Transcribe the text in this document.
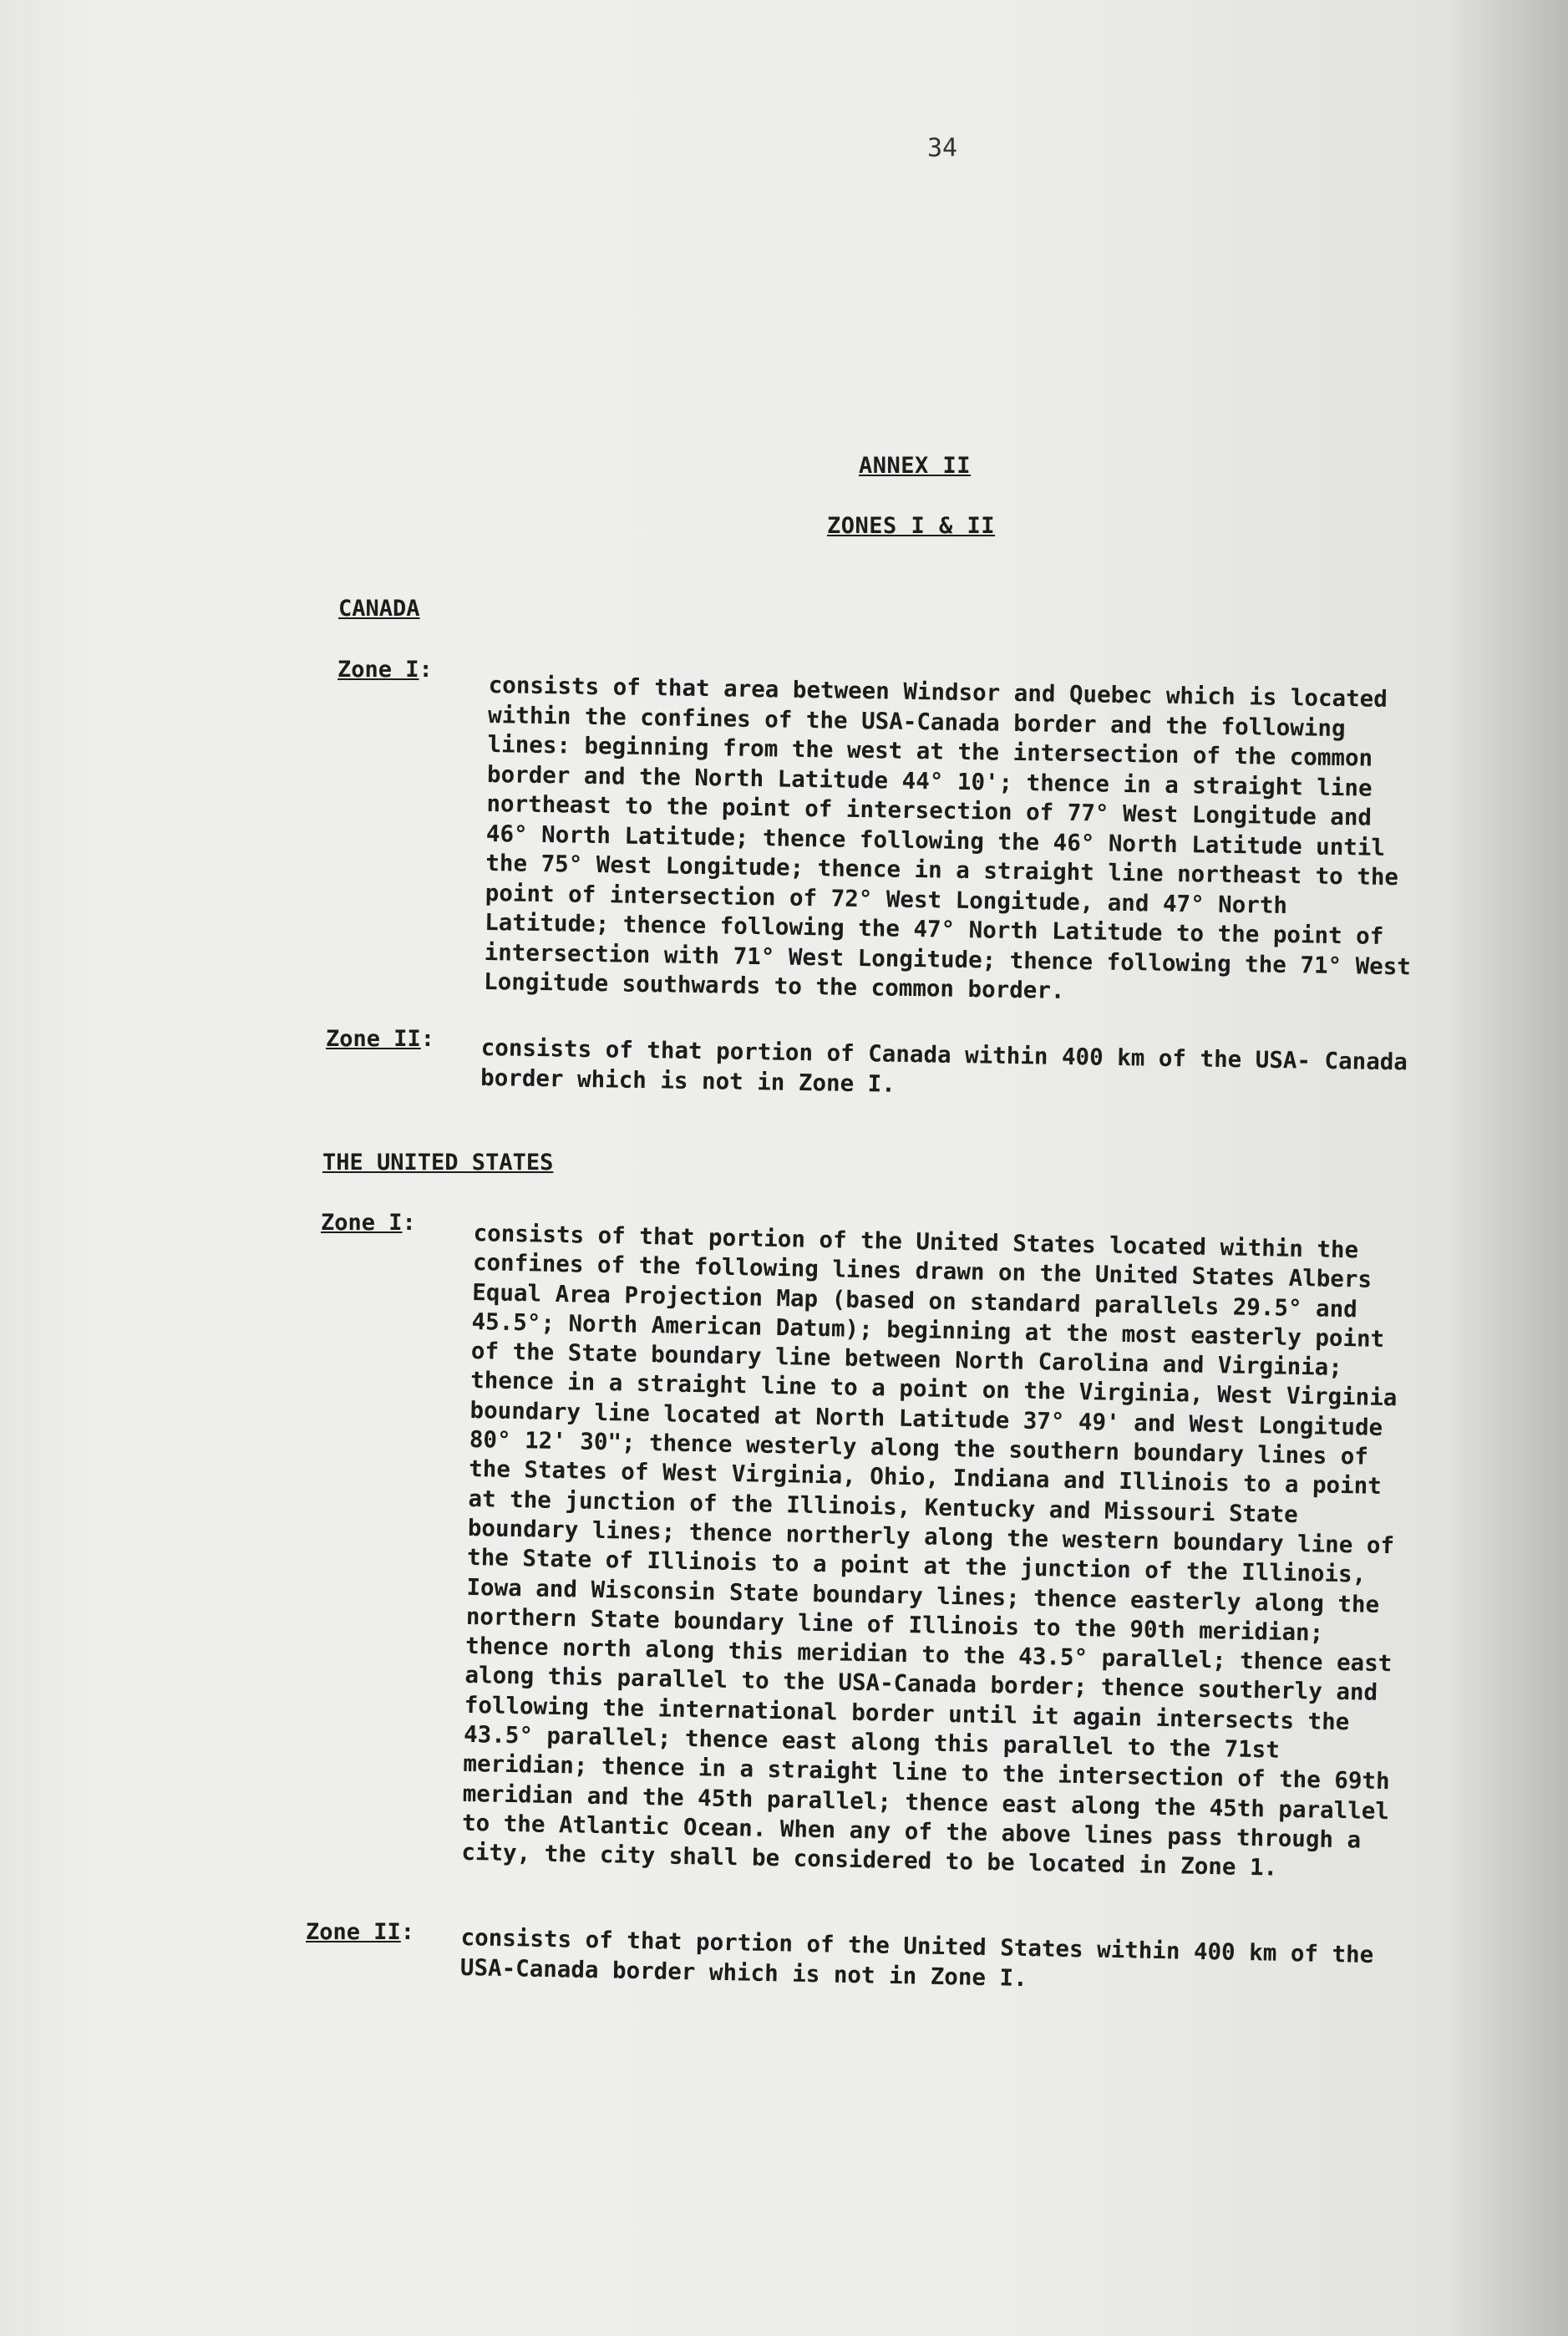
34
ANNEX II
ZONES I & II
CANADA
Zone I:
consists of that area between Windsor and Quebec which is located
within the confines of the USA-Canada border and the following
lines: beginning from the west at the intersection of the common
border and the North Latitude 44° 10'; thence in a straight line
northeast to the point of intersection of 77° West Longitude and
46° North Latitude; thence following the 46° North Latitude until
the 75° West Longitude; thence in a straight line northeast to the
point of intersection of 72° West Longitude, and 47° North
Latitude; thence following the 47° North Latitude to the point of
intersection with 71° West Longitude; thence following the 71° West
Longitude southwards to the common border.
Zone II: consists of that portion of Canada within 400 km of the USA- Canada
border which is not in Zone I.
THE UNITED STATES
Zone I:	consists of that portion of the United States located within the
confines of the following lines drawn on the United States Albers
Equal Area Projection Map (based on standard parallels 29.5° and
45.5°; North American Datum); beginning at the most easterly point
of the State boundary line between North Carolina and Virginia;
thence in a straight line to a point on the Virginia, West Virginia
boundary line located at North Latitude 37° 49' and West Longitude
80° 12' 30"; thence westerly along the southern boundary lines of
the States of West Virginia, Ohio, Indiana and Illinois to a point
at the junction of the Illinois, Kentucky and Missouri State
boundary lines; thence northerly along the western boundary line of
the State of Illinois to a point at the junction of the Illinois,
Iowa and Wisconsin State boundary lines; thence easterly along the
northern State boundary line of Illinois to the 90th meridian;
thence north along this meridian to the 43.5° parallel; thence east
along this parallel to the USA-Canada border; thence southerly and
following the international border until it again intersects the
43.5° parallel; thence east along this parallel to the 71st
meridian; thence in a straight line to the intersection of the 69th
meridian and the 45th parallel; thence east along the 45th parallel
to the Atlantic Ocean. When any of the above lines pass through a
city, the city shall be considered to be located in Zone 1.
Zone II: consists of that portion of the United States within 400 km of the
USA-Canada border which is not in Zone I.
